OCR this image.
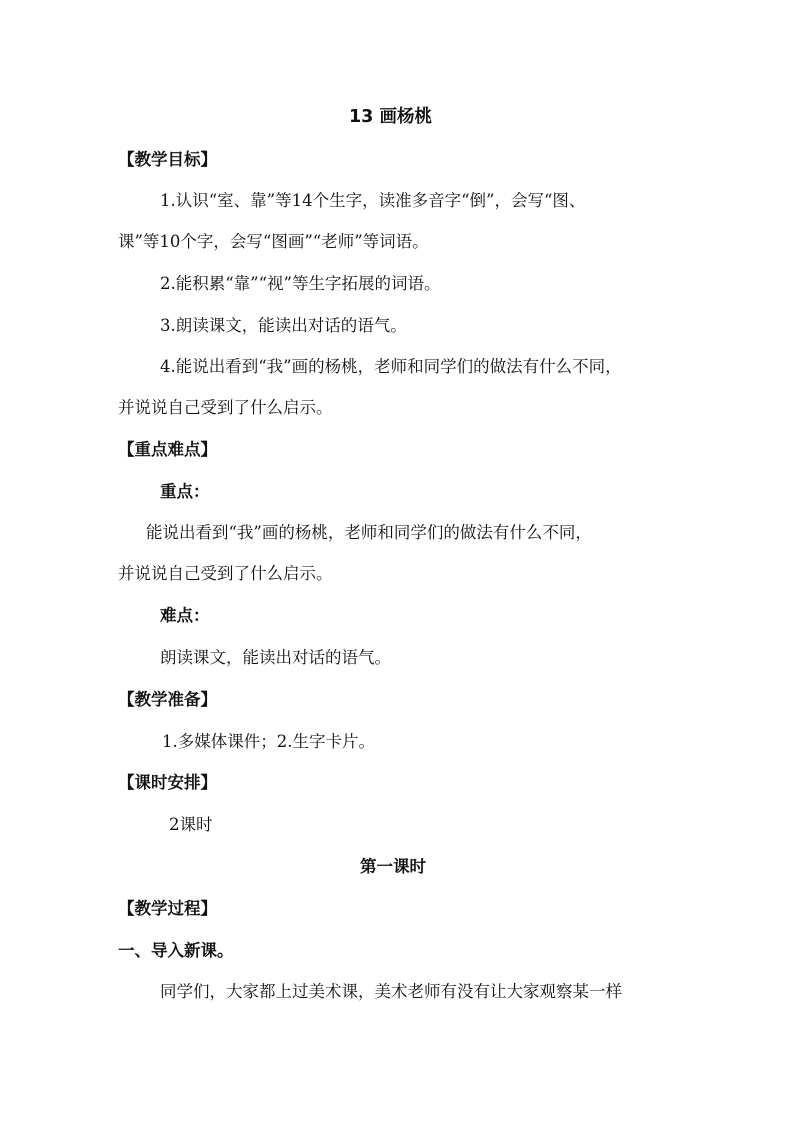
13 画杨桃
【教学目标】
1.认识“室、靠”等14个生字，读准多音字“倒”，会写“图、
课”等10个字，会写“图画”“老师”等词语。
2.能积累“靠”“视”等生字拓展的词语。
3.朗读课文，能读出对话的语气。
4.能说出看到“我”画的杨桃，老师和同学们的做法有什么不同，
并说说自己受到了什么启示。
【重点难点】
重点：
能说出看到“我”画的杨桃，老师和同学们的做法有什么不同，
并说说自己受到了什么启示。
难点：
朗读课文，能读出对话的语气。
【教学准备】
1.多媒体课件；2.生字卡片。
【课时安排】
2课时
第一课时
【教学过程】
一、导入新课。
同学们，大家都上过美术课，美术老师有没有让大家观察某一样
